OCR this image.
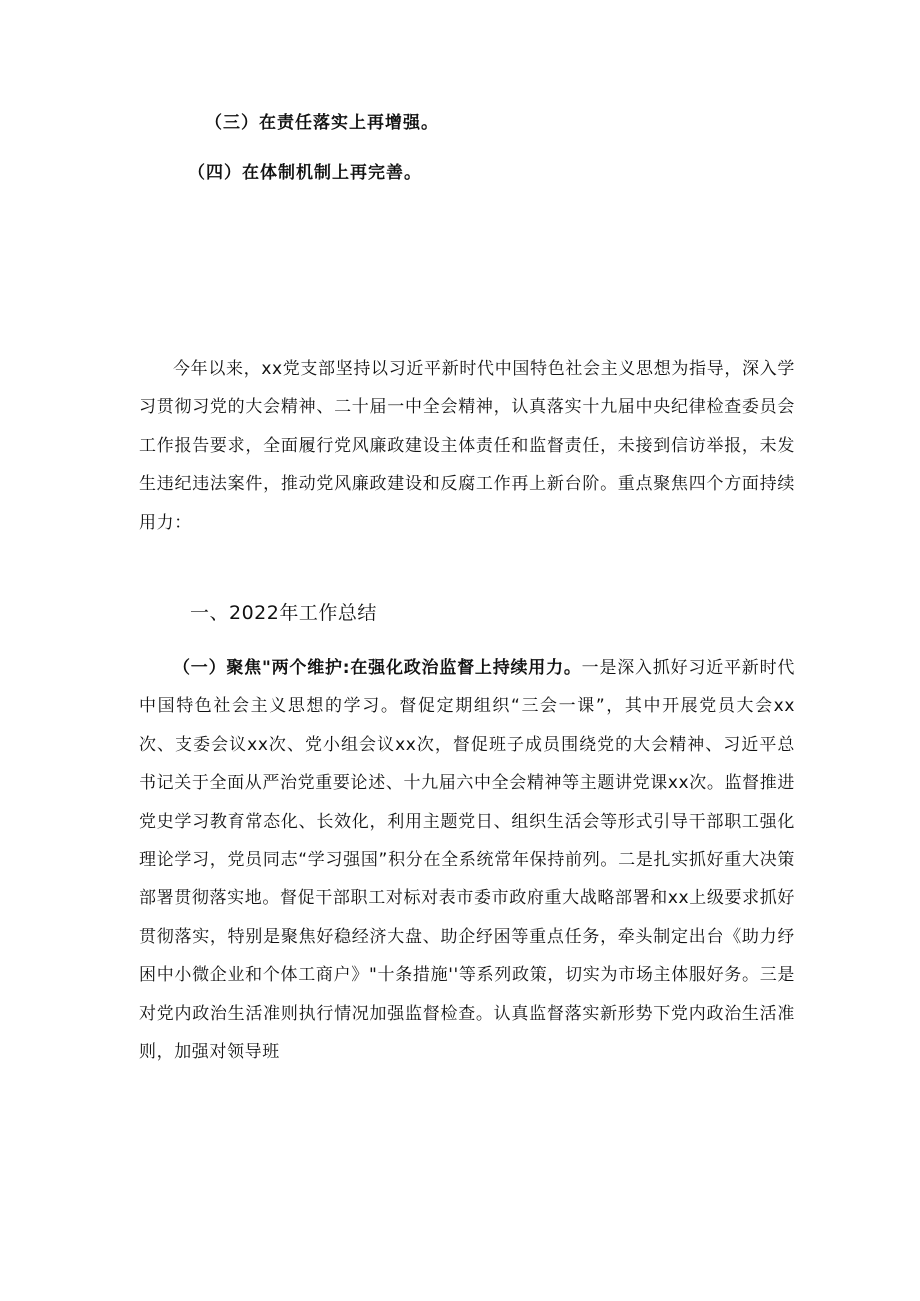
（三）在责任落实上再增强。
（四）在体制机制上再完善。

今年以来，xx党支部坚持以习近平新时代中国特色社会主义思想为指导，深入学习贯彻习党的大会精神、二十届一中全会精神，认真落实十九届中央纪律检查委员会工作报告要求，全面履行党风廉政建设主体责任和监督责任，未接到信访举报，未发生违纪违法案件，推动党风廉政建设和反腐工作再上新台阶。重点聚焦四个方面持续用力：

一、2022年工作总结

（一）聚焦"两个维护:在强化政治监督上持续用力。一是深入抓好习近平新时代中国特色社会主义思想的学习。督促定期组织“三会一课”，其中开展党员大会xx次、支委会议xx次、党小组会议xx次，督促班子成员围绕党的大会精神、习近平总书记关于全面从严治党重要论述、十九届六中全会精神等主题讲党课xx次。监督推进党史学习教育常态化、长效化，利用主题党日、组织生活会等形式引导干部职工强化理论学习，党员同志“学习强国”积分在全系统常年保持前列。二是扎实抓好重大决策部署贯彻落实地。督促干部职工对标对表市委市政府重大战略部署和xx上级要求抓好贯彻落实，特别是聚焦好稳经济大盘、助企纾困等重点任务，牵头制定出台《助力纾困中小微企业和个体工商户》"十条措施''等系列政策，切实为市场主体服好务。三是对党内政治生活准则执行情况加强监督检查。认真监督落实新形势下党内政治生活准则，加强对领导班
